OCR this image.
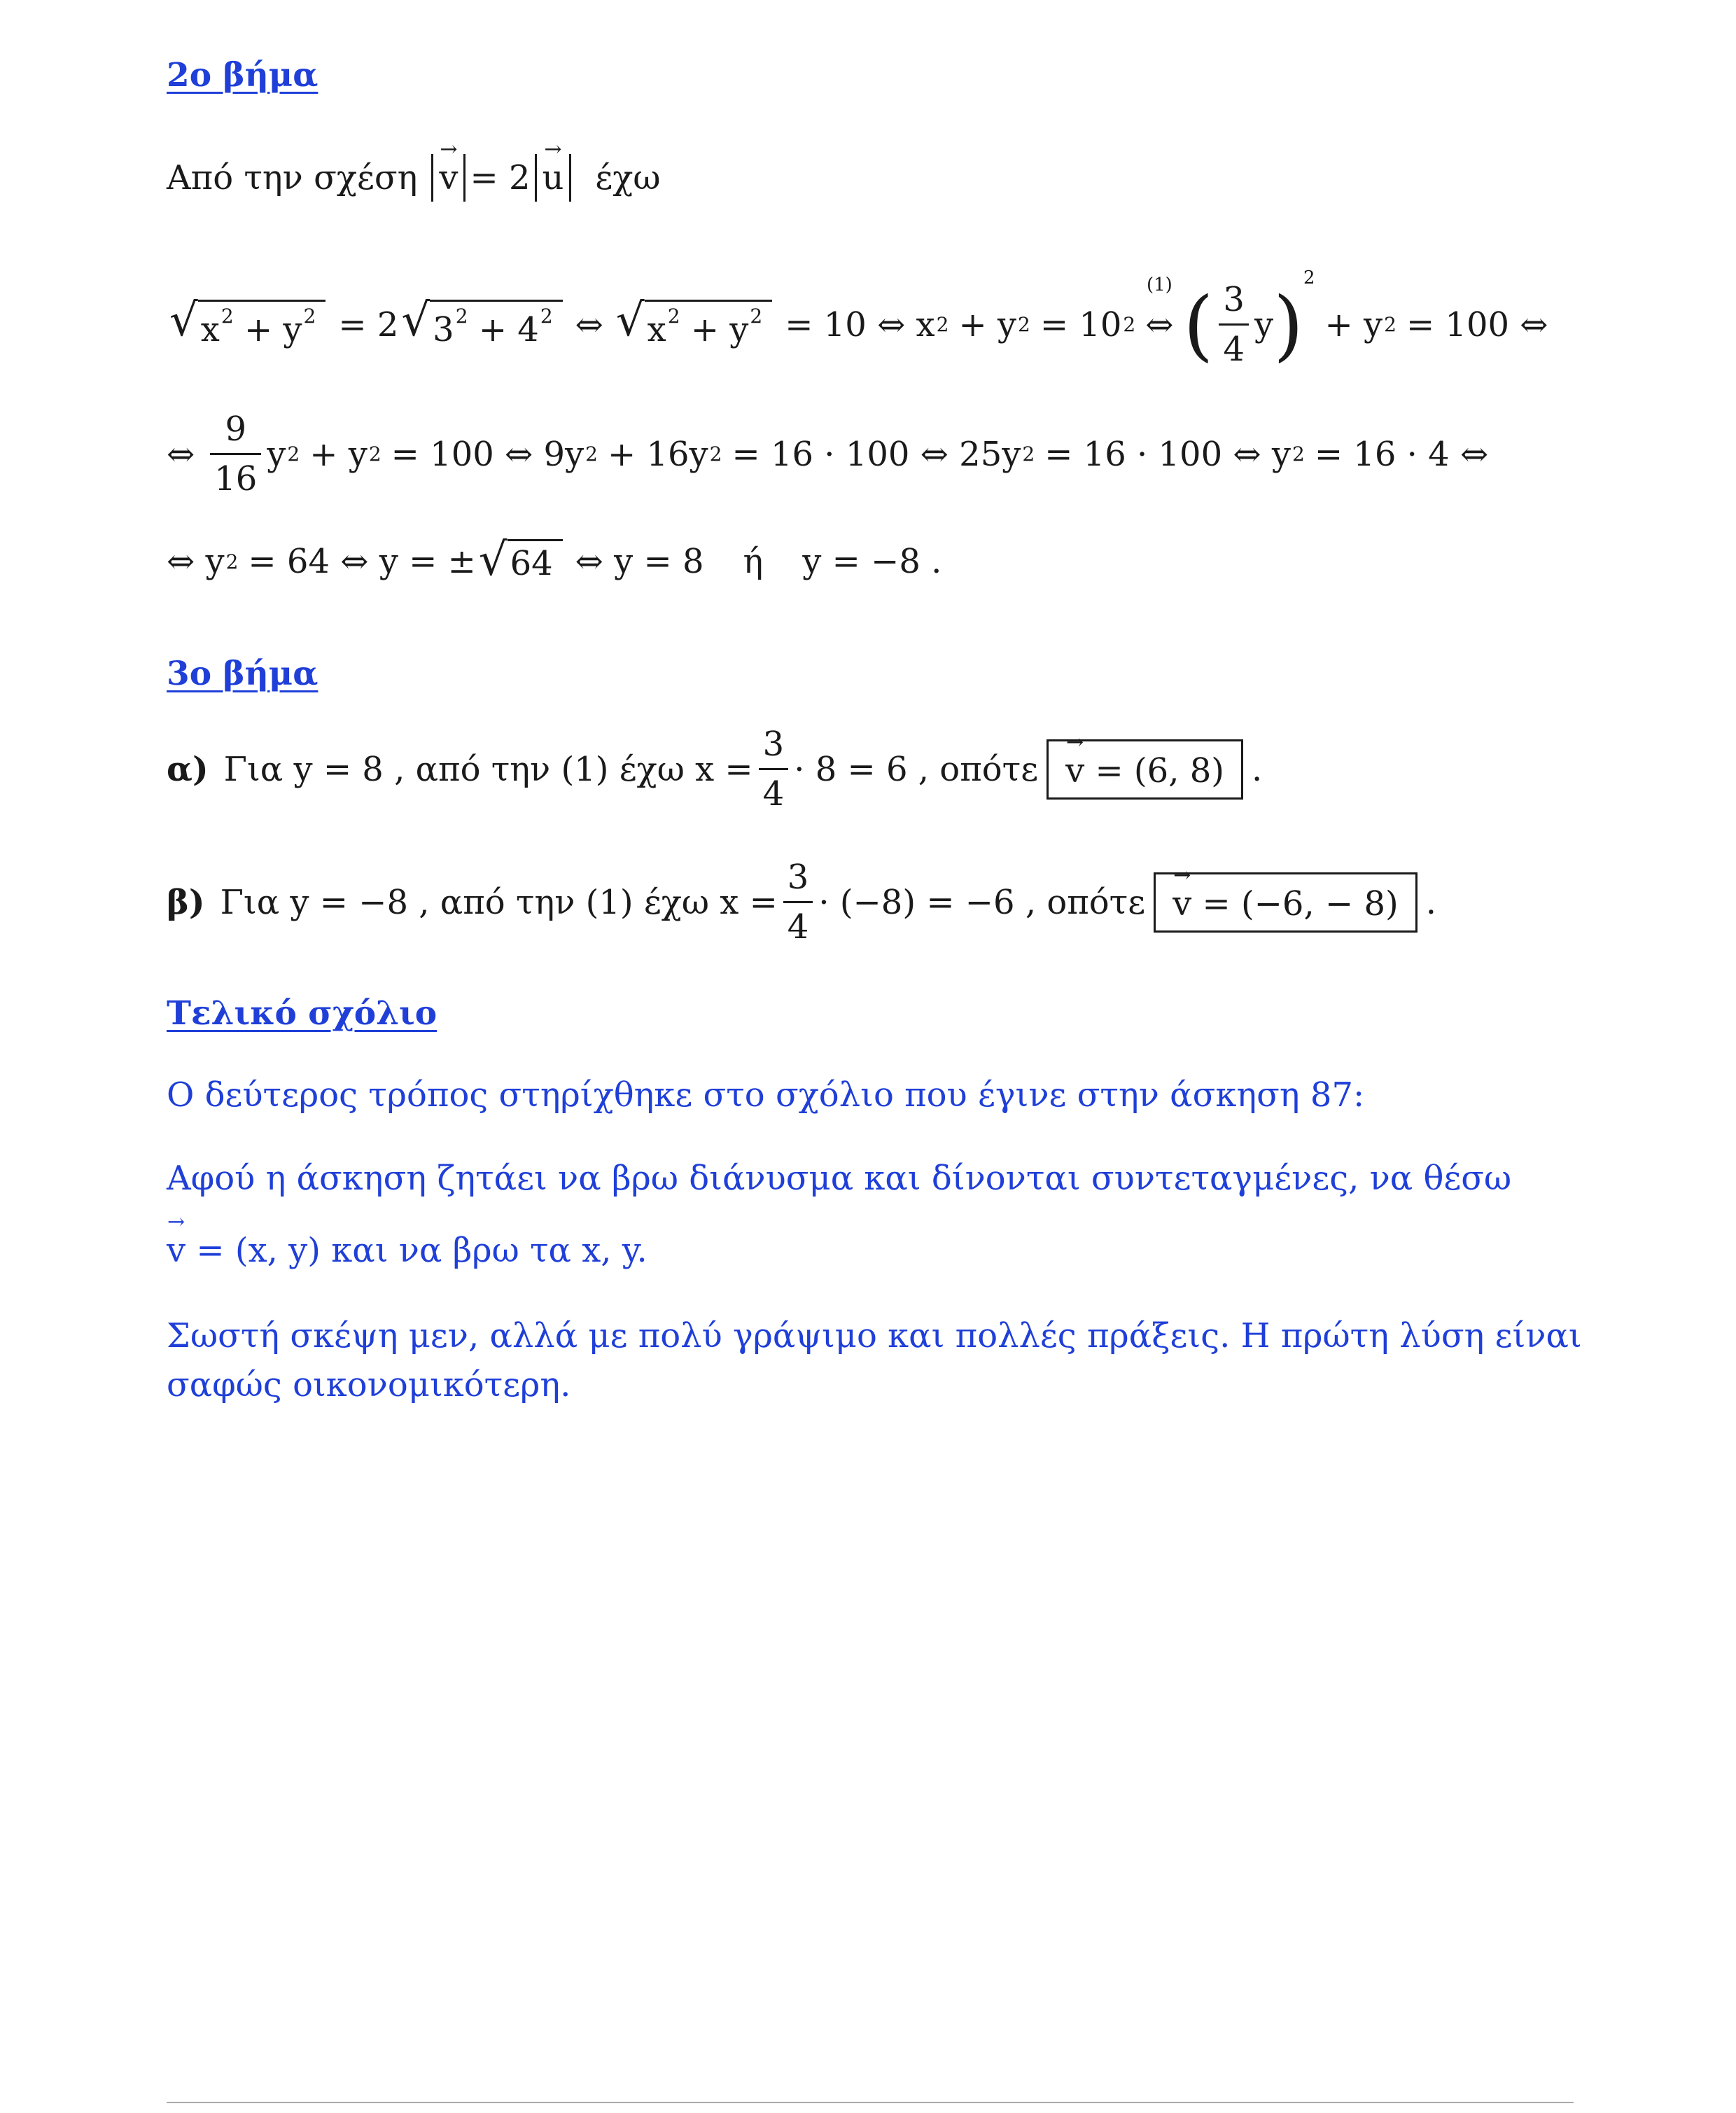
2ο βήμα
Από την σχέση → v = 2 → u έχω
√ $x^2 + y^2 = 2$ √ $3^2 + 4^2$ ⇔ √ $x^2 + y^2 = 10$ ⇔ x 2 + y 2 = 10 2
(1)
⇔ ( $\frac{3}{4}$ y )
2
+ y 2 = 100 ⇔
⇔ $\frac{9}{16}$ y 2 + y 2 = 100 ⇔ 9y 2 + 16y 2 = 16 · 100 ⇔ 25y 2 = 16 · 100 ⇔ y 2 = 16 · 4 ⇔
⇔ y 2 = 64 ⇔ y = ± √ 64 ⇔ y = 8 ή y = −8 .
3ο βήμα
α) Για y = 8 , από την (1) έχω $x = \frac{3}{4} \cdot 8 = 6$ , οπότε → v = (6, 8) .
β) Για y = −8 , από την (1) έχω $x = \frac{3}{4} \cdot (-8) = -6$ , οπότε → v = (−6, − 8) .
Τελικό σχόλιο
Ο δεύτερος τρόπος στηρίχθηκε στο σχόλιο που έγινε στην άσκηση 87:
Αφού η άσκηση ζητάει να βρω διάνυσμα και δίνονται συντεταγμένες, να θέσω
→ v = (x, y) και να βρω τα x, y.
Σωστή σκέψη μεν, αλλά με πολύ γράψιμο και πολλές πράξεις. Η πρώτη λύση είναι
σαφώς οικονομικότερη.
